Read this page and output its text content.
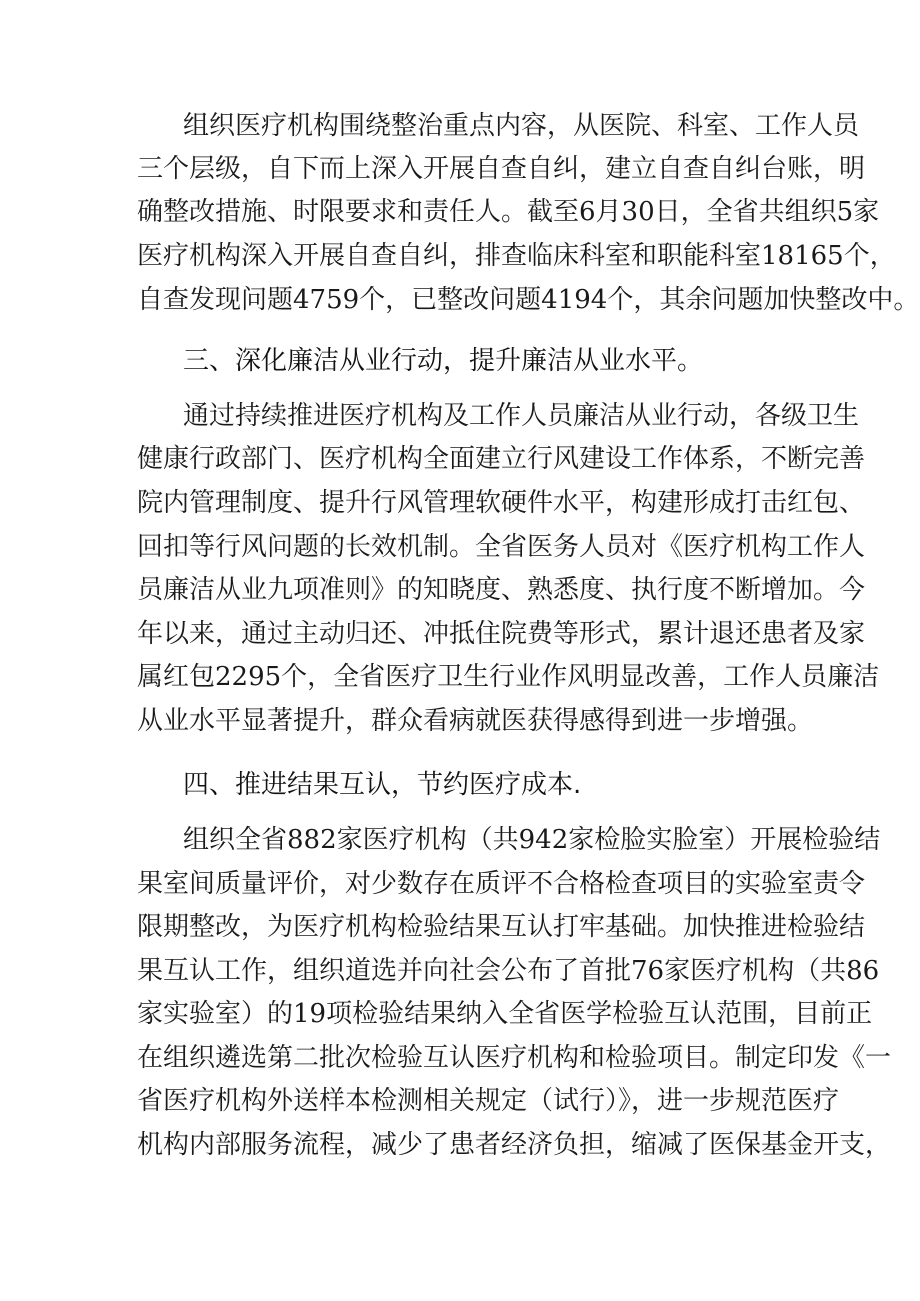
组织医疗机构围绕整治重点内容，从医院、科室、工作人员
三个层级，自下而上深入开展自查自纠，建立自查自纠台账，明
确整改措施、时限要求和责任人。截至6月30日，全省共组织5家
医疗机构深入开展自查自纠，排查临床科室和职能科室18165个，
自查发现问题4759个，已整改问题4194个，其余问题加快整改中。
三、深化廉洁从业行动，提升廉洁从业水平。
通过持续推进医疗机构及工作人员廉洁从业行动，各级卫生
健康行政部门、医疗机构全面建立行风建设工作体系，不断完善
院内管理制度、提升行风管理软硬件水平，构建形成打击红包、
回扣等行风问题的长效机制。全省医务人员对《医疗机构工作人
员廉洁从业九项准则》的知晓度、熟悉度、执行度不断增加。今
年以来，通过主动归还、冲抵住院费等形式，累计退还患者及家
属红包2295个，全省医疗卫生行业作风明显改善，工作人员廉洁
从业水平显著提升，群众看病就医获得感得到进一步增强。
四、推进结果互认，节约医疗成本.
组织全省882家医疗机构（共942家检脸实脸室）开展检验结
果室间质量评价，对少数存在质评不合格检查项目的实验室责令
限期整改，为医疗机构检验结果互认打牢基础。加快推进检验结
果互认工作，组织道选并向社会公布了首批76家医疗机构（共86
家实验室）的19项检验结果纳入全省医学检验互认范围，目前正
在组织遴选第二批次检验互认医疗机构和检验项目。制定印发《一
省医疗机构外送样本检测相关规定（试行）》，进一步规范医疗
机构内部服务流程，减少了患者经济负担，缩减了医保基金开支，
